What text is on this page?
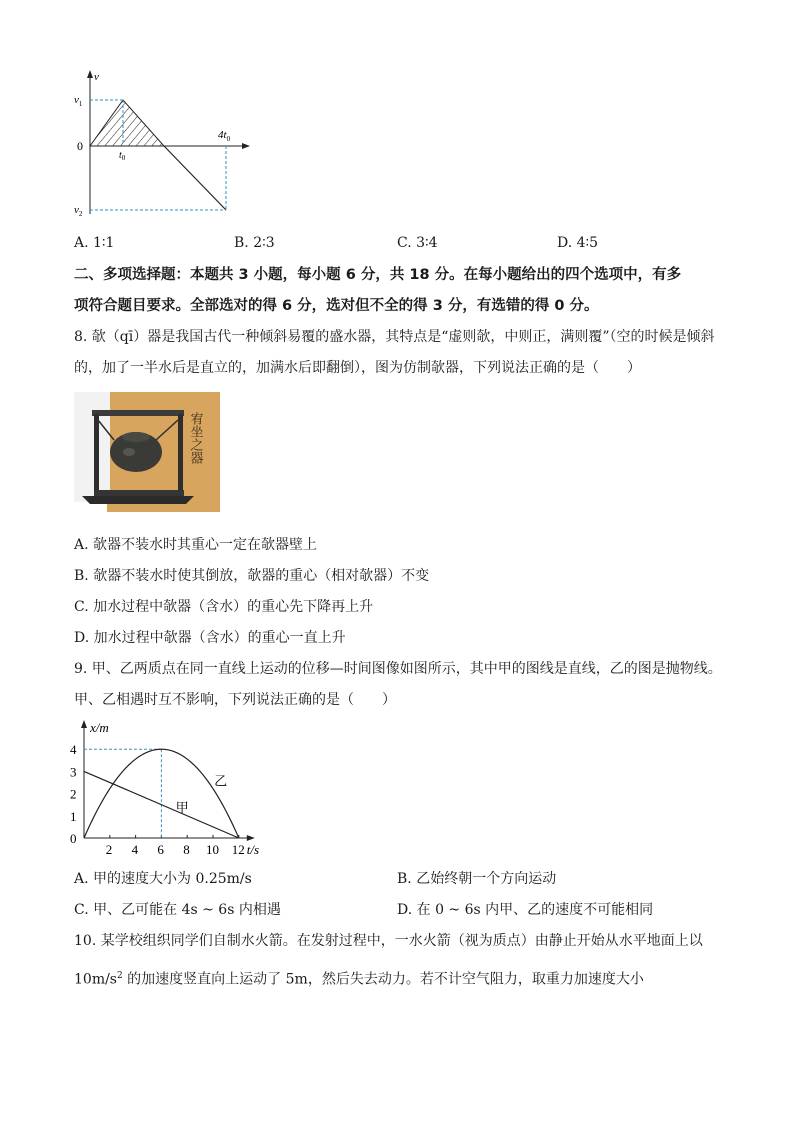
v
$v_1$
0
$v_2$
$t_0$
$4t_0$
A. 1∶1	B. 2∶3	C. 3∶4	D. 4∶5
二、多项选择题：本题共 3 小题，每小题 6 分，共 18 分。在每小题给出的四个选项中，有多
项符合题目要求。全部选对的得 6 分，选对但不全的得 3 分，有选错的得 0 分。
8. 欹（qī）器是我国古代一种倾斜易覆的盛水器，其特点是“虚则欹，中则正，满则覆”（空的时候是倾斜
的，加了一半水后是直立的，加满水后即翻倒），图为仿制欹器，下列说法正确的是（　　）
宥坐之器
A. 欹器不装水时其重心一定在欹器壁上
B. 欹器不装水时使其倒放，欹器的重心（相对欹器）不变
C. 加水过程中欹器（含水）的重心先下降再上升
D. 加水过程中欹器（含水）的重心一直上升
9. 甲、乙两质点在同一直线上运动的位移—时间图像如图所示，其中甲的图线是直线，乙的图是抛物线。
甲、乙相遇时互不影响，下列说法正确的是（　　）
x/m
t/s
0
1
2
3
4
2 4 6 8 10 12
甲
乙
A. 甲的速度大小为 0.25m/s	B. 乙始终朝一个方向运动
C. 甲、乙可能在 4s ~ 6s 内相遇	D. 在 0 ~ 6s 内甲、乙的速度不可能相同
10. 某学校组织同学们自制水火箭。在发射过程中，一水火箭（视为质点）由静止开始从水平地面上以
$10m/s^2$ 的加速度竖直向上运动了 5m，然后失去动力。若不计空气阻力，取重力加速度大小
